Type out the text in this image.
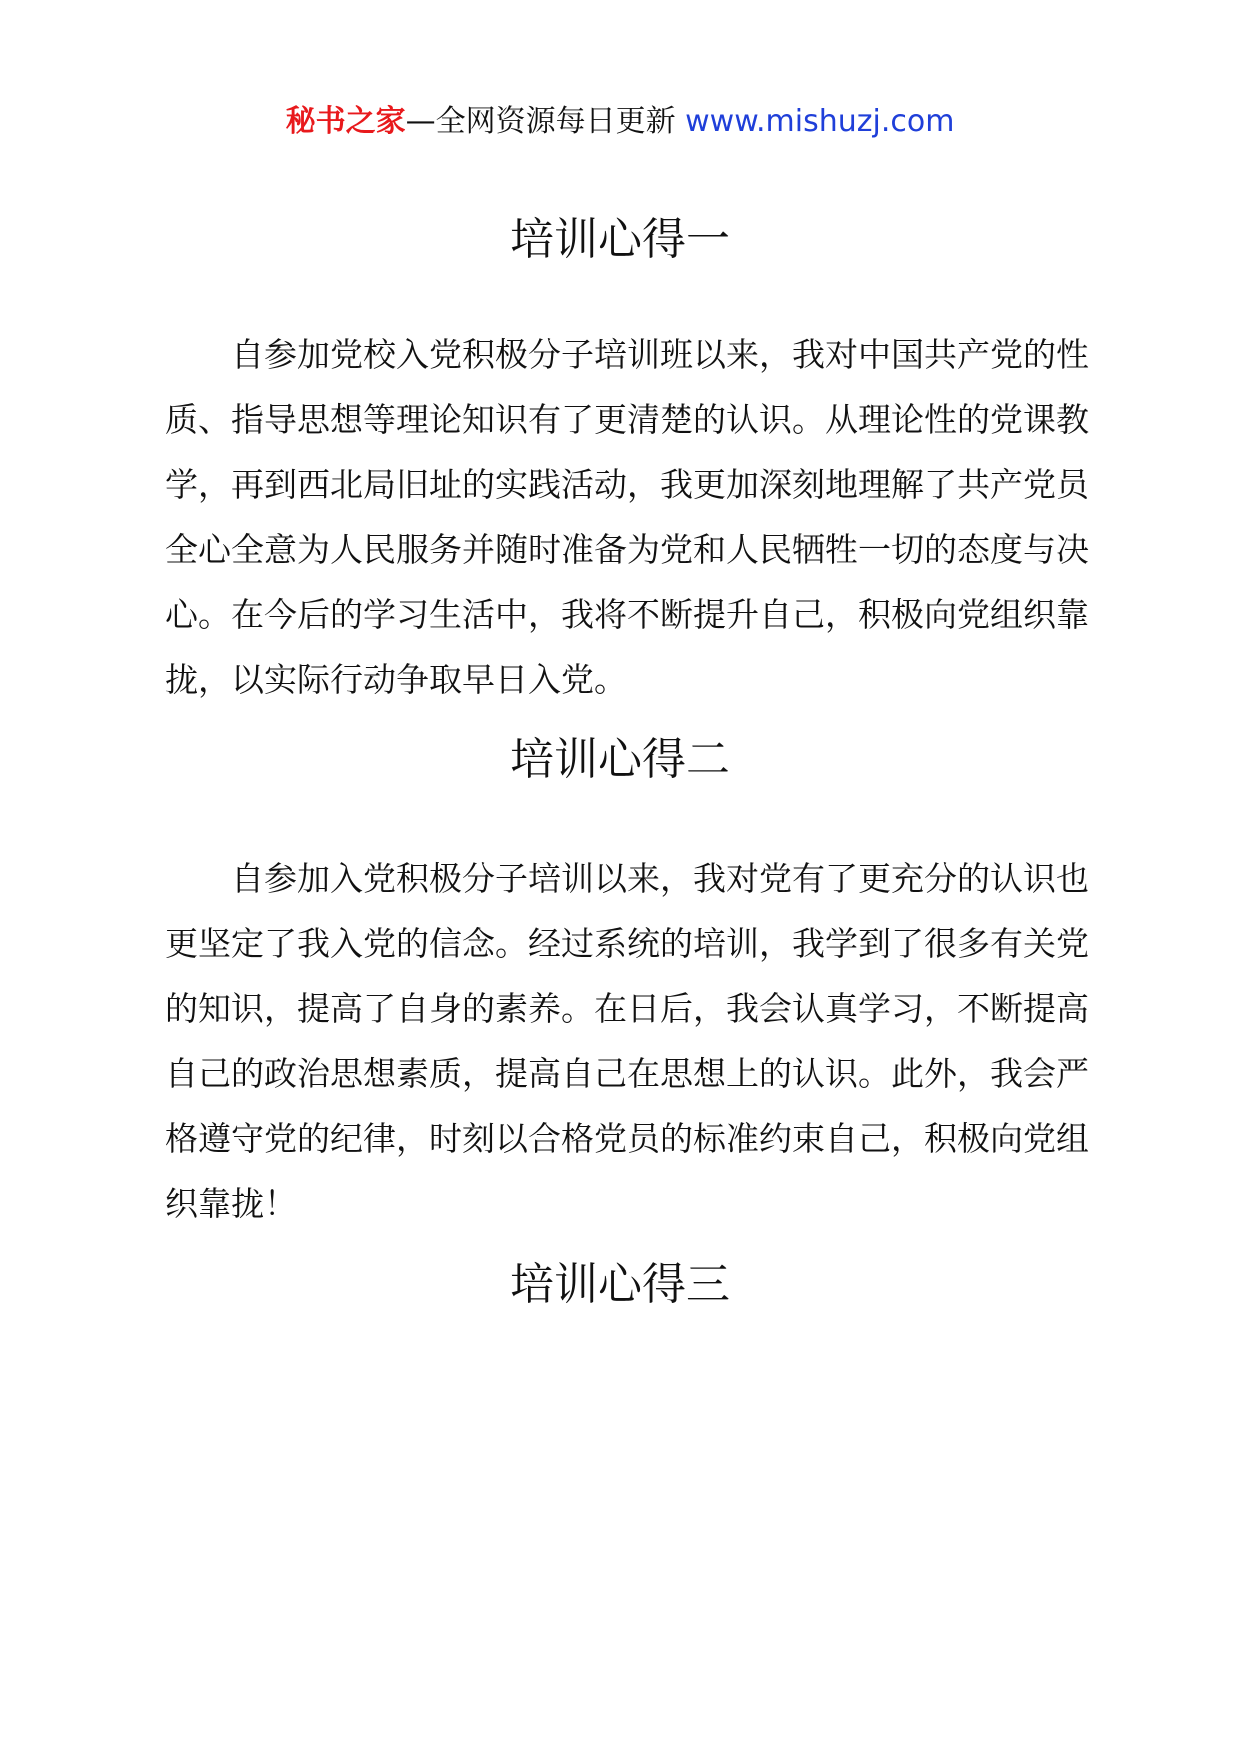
秘书之家—全网资源每日更新 www.mishuzj.com
培训心得一

自参加党校入党积极分子培训班以来，我对中国共产党的性质、指导思想等理论知识有了更清楚的认识。从理论性的党课教学，再到西北局旧址的实践活动，我更加深刻地理解了共产党员全心全意为人民服务并随时准备为党和人民牺牲一切的态度与决心。在今后的学习生活中，我将不断提升自己，积极向党组织靠拢，以实际行动争取早日入党。

培训心得二

自参加入党积极分子培训以来，我对党有了更充分的认识也更坚定了我入党的信念。经过系统的培训，我学到了很多有关党的知识，提高了自身的素养。在日后，我会认真学习，不断提高自己的政治思想素质，提高自己在思想上的认识。此外，我会严格遵守党的纪律，时刻以合格党员的标准约束自己，积极向党组织靠拢！

培训心得三
